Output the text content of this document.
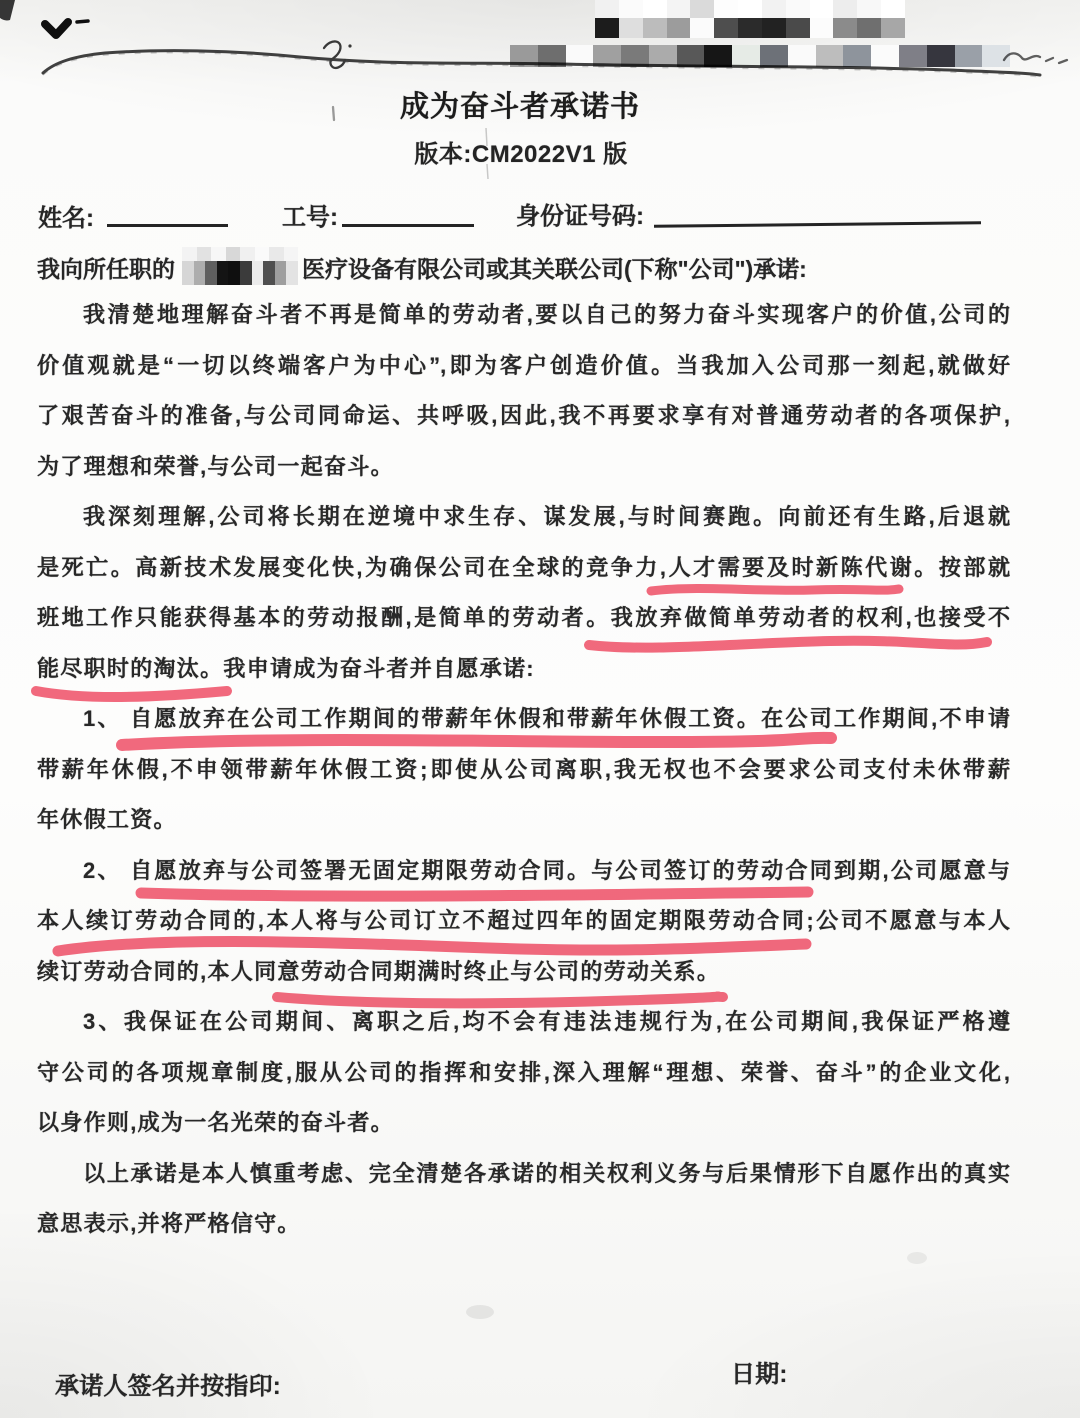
成为奋斗者承诺书
版本:CM2022V1 版
姓名:	工号:	身份证号码:
我向所任职的	医疗设备有限公司或其关联公司(下称"公司")承诺:
我清楚地理解奋斗者不再是简单的劳动者,要以自己的努力奋斗实现客户的价值,公司的
价值观就是“一切以终端客户为中心”,即为客户创造价值。当我加入公司那一刻起,就做好
了艰苦奋斗的准备,与公司同命运、共呼吸,因此,我不再要求享有对普通劳动者的各项保护,
为了理想和荣誉,与公司一起奋斗。
我深刻理解,公司将长期在逆境中求生存、谋发展,与时间赛跑。向前还有生路,后退就
是死亡。高新技术发展变化快,为确保公司在全球的竞争力,人才需要及时新陈代谢。按部就
班地工作只能获得基本的劳动报酬,是简单的劳动者。我放弃做简单劳动者的权利,也接受不
能尽职时的淘汰。我申请成为奋斗者并自愿承诺:
1、 自愿放弃在公司工作期间的带薪年休假和带薪年休假工资。在公司工作期间,不申请
带薪年休假,不申领带薪年休假工资;即使从公司离职,我无权也不会要求公司支付未休带薪
年休假工资。
2、 自愿放弃与公司签署无固定期限劳动合同。与公司签订的劳动合同到期,公司愿意与
本人续订劳动合同的,本人将与公司订立不超过四年的固定期限劳动合同;公司不愿意与本人
续订劳动合同的,本人同意劳动合同期满时终止与公司的劳动关系。
3、我保证在公司期间、离职之后,均不会有违法违规行为,在公司期间,我保证严格遵
守公司的各项规章制度,服从公司的指挥和安排,深入理解“理想、荣誉、奋斗”的企业文化,
以身作则,成为一名光荣的奋斗者。
以上承诺是本人慎重考虑、完全清楚各承诺的相关权利义务与后果情形下自愿作出的真实
意思表示,并将严格信守。
承诺人签名并按指印:	日期:
